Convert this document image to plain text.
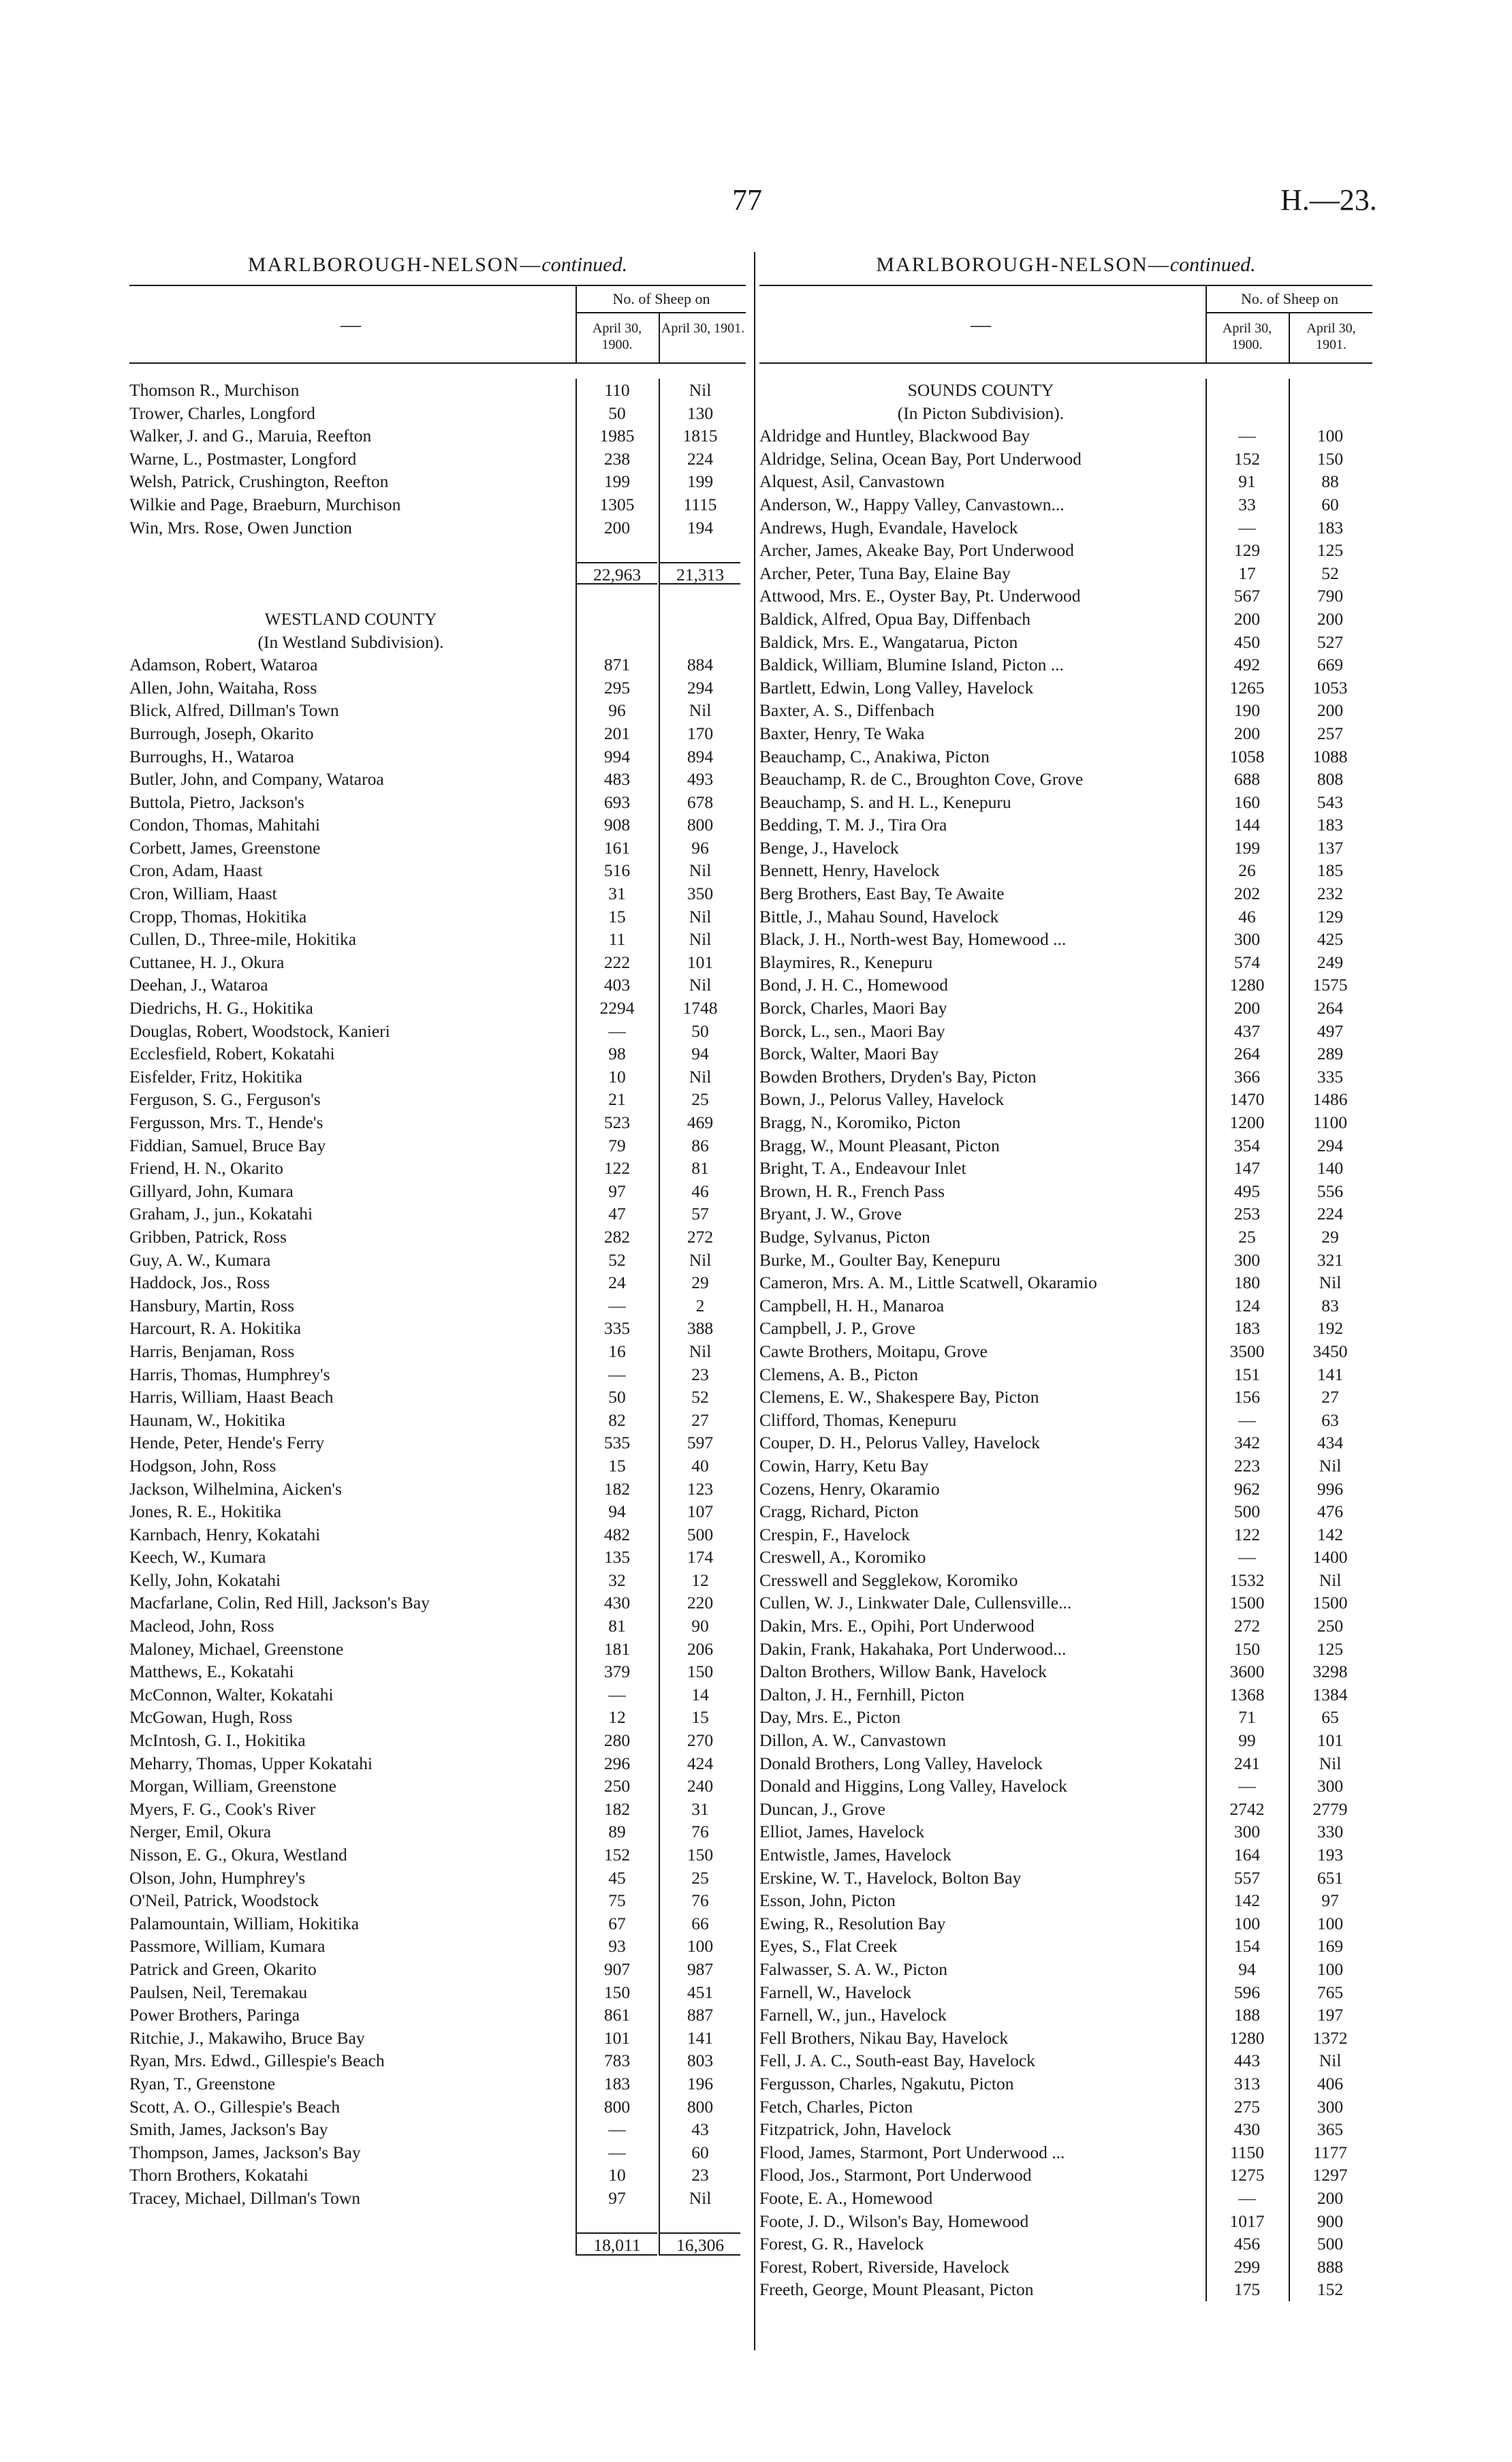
77	H.—23.
MARLBOROUGH-NELSON—continued.
—
No. of Sheep on
April 30, 1900.
April 30, 1901.
Thomson R., Murchison	110	Nil
Trower, Charles, Longford	50	130
Walker, J. and G., Maruia, Reefton	1985	1815
Warne, L., Postmaster, Longford	238	224
Welsh, Patrick, Crushington, Reefton	199	199
Wilkie and Page, Braeburn, Murchison	1305	1115
Win, Mrs. Rose, Owen Junction	200	194
22,963	21,313
WESTLAND COUNTY
(In Westland Subdivision).
Adamson, Robert, Wataroa	871	884
Allen, John, Waitaha, Ross	295	294
Blick, Alfred, Dillman's Town	96	Nil
Burrough, Joseph, Okarito	201	170
Burroughs, H., Wataroa	994	894
Butler, John, and Company, Wataroa	483	493
Buttola, Pietro, Jackson's	693	678
Condon, Thomas, Mahitahi	908	800
Corbett, James, Greenstone	161	96
Cron, Adam, Haast	516	Nil
Cron, William, Haast	31	350
Cropp, Thomas, Hokitika	15	Nil
Cullen, D., Three-mile, Hokitika	11	Nil
Cuttanee, H. J., Okura	222	101
Deehan, J., Wataroa	403	Nil
Diedrichs, H. G., Hokitika	2294	1748
Douglas, Robert, Woodstock, Kanieri	—	50
Ecclesfield, Robert, Kokatahi	98	94
Eisfelder, Fritz, Hokitika	10	Nil
Ferguson, S. G., Ferguson's	21	25
Fergusson, Mrs. T., Hende's	523	469
Fiddian, Samuel, Bruce Bay	79	86
Friend, H. N., Okarito	122	81
Gillyard, John, Kumara	97	46
Graham, J., jun., Kokatahi	47	57
Gribben, Patrick, Ross	282	272
Guy, A. W., Kumara	52	Nil
Haddock, Jos., Ross	24	29
Hansbury, Martin, Ross	—	2
Harcourt, R. A. Hokitika	335	388
Harris, Benjaman, Ross	16	Nil
Harris, Thomas, Humphrey's	—	23
Harris, William, Haast Beach	50	52
Haunam, W., Hokitika	82	27
Hende, Peter, Hende's Ferry	535	597
Hodgson, John, Ross	15	40
Jackson, Wilhelmina, Aicken's	182	123
Jones, R. E., Hokitika	94	107
Karnbach, Henry, Kokatahi	482	500
Keech, W., Kumara	135	174
Kelly, John, Kokatahi	32	12
Macfarlane, Colin, Red Hill, Jackson's Bay	430	220
Macleod, John, Ross	81	90
Maloney, Michael, Greenstone	181	206
Matthews, E., Kokatahi	379	150
McConnon, Walter, Kokatahi	—	14
McGowan, Hugh, Ross	12	15
McIntosh, G. I., Hokitika	280	270
Meharry, Thomas, Upper Kokatahi	296	424
Morgan, William, Greenstone	250	240
Myers, F. G., Cook's River	182	31
Nerger, Emil, Okura	89	76
Nisson, E. G., Okura, Westland	152	150
Olson, John, Humphrey's	45	25
O'Neil, Patrick, Woodstock	75	76
Palamountain, William, Hokitika	67	66
Passmore, William, Kumara	93	100
Patrick and Green, Okarito	907	987
Paulsen, Neil, Teremakau	150	451
Power Brothers, Paringa	861	887
Ritchie, J., Makawiho, Bruce Bay	101	141
Ryan, Mrs. Edwd., Gillespie's Beach	783	803
Ryan, T., Greenstone	183	196
Scott, A. O., Gillespie's Beach	800	800
Smith, James, Jackson's Bay	—	43
Thompson, James, Jackson's Bay	—	60
Thorn Brothers, Kokatahi	10	23
Tracey, Michael, Dillman's Town	97	Nil
18,011	16,306
MARLBOROUGH-NELSON—continued.
—
No. of Sheep on
April 30, 1900.
April 30, 1901.
SOUNDS COUNTY
(In Picton Subdivision).
Aldridge and Huntley, Blackwood Bay	—	100
Aldridge, Selina, Ocean Bay, Port Underwood	152	150
Alquest, Asil, Canvastown	91	88
Anderson, W., Happy Valley, Canvastown...	33	60
Andrews, Hugh, Evandale, Havelock	—	183
Archer, James, Akeake Bay, Port Underwood	129	125
Archer, Peter, Tuna Bay, Elaine Bay	17	52
Attwood, Mrs. E., Oyster Bay, Pt. Underwood	567	790
Baldick, Alfred, Opua Bay, Diffenbach	200	200
Baldick, Mrs. E., Wangatarua, Picton	450	527
Baldick, William, Blumine Island, Picton ...	492	669
Bartlett, Edwin, Long Valley, Havelock	1265	1053
Baxter, A. S., Diffenbach	190	200
Baxter, Henry, Te Waka	200	257
Beauchamp, C., Anakiwa, Picton	1058	1088
Beauchamp, R. de C., Broughton Cove, Grove	688	808
Beauchamp, S. and H. L., Kenepuru	160	543
Bedding, T. M. J., Tira Ora	144	183
Benge, J., Havelock	199	137
Bennett, Henry, Havelock	26	185
Berg Brothers, East Bay, Te Awaite	202	232
Bittle, J., Mahau Sound, Havelock	46	129
Black, J. H., North-west Bay, Homewood ...	300	425
Blaymires, R., Kenepuru	574	249
Bond, J. H. C., Homewood	1280	1575
Borck, Charles, Maori Bay	200	264
Borck, L., sen., Maori Bay	437	497
Borck, Walter, Maori Bay	264	289
Bowden Brothers, Dryden's Bay, Picton	366	335
Bown, J., Pelorus Valley, Havelock	1470	1486
Bragg, N., Koromiko, Picton	1200	1100
Bragg, W., Mount Pleasant, Picton	354	294
Bright, T. A., Endeavour Inlet	147	140
Brown, H. R., French Pass	495	556
Bryant, J. W., Grove	253	224
Budge, Sylvanus, Picton	25	29
Burke, M., Goulter Bay, Kenepuru	300	321
Cameron, Mrs. A. M., Little Scatwell, Okaramio	180	Nil
Campbell, H. H., Manaroa	124	83
Campbell, J. P., Grove	183	192
Cawte Brothers, Moitapu, Grove	3500	3450
Clemens, A. B., Picton	151	141
Clemens, E. W., Shakespere Bay, Picton	156	27
Clifford, Thomas, Kenepuru	—	63
Couper, D. H., Pelorus Valley, Havelock	342	434
Cowin, Harry, Ketu Bay	223	Nil
Cozens, Henry, Okaramio	962	996
Cragg, Richard, Picton	500	476
Crespin, F., Havelock	122	142
Creswell, A., Koromiko	—	1400
Cresswell and Segglekow, Koromiko	1532	Nil
Cullen, W. J., Linkwater Dale, Cullensville...	1500	1500
Dakin, Mrs. E., Opihi, Port Underwood	272	250
Dakin, Frank, Hakahaka, Port Underwood...	150	125
Dalton Brothers, Willow Bank, Havelock	3600	3298
Dalton, J. H., Fernhill, Picton	1368	1384
Day, Mrs. E., Picton	71	65
Dillon, A. W., Canvastown	99	101
Donald Brothers, Long Valley, Havelock	241	Nil
Donald and Higgins, Long Valley, Havelock	—	300
Duncan, J., Grove	2742	2779
Elliot, James, Havelock	300	330
Entwistle, James, Havelock	164	193
Erskine, W. T., Havelock, Bolton Bay	557	651
Esson, John, Picton	142	97
Ewing, R., Resolution Bay	100	100
Eyes, S., Flat Creek	154	169
Falwasser, S. A. W., Picton	94	100
Farnell, W., Havelock	596	765
Farnell, W., jun., Havelock	188	197
Fell Brothers, Nikau Bay, Havelock	1280	1372
Fell, J. A. C., South-east Bay, Havelock	443	Nil
Fergusson, Charles, Ngakutu, Picton	313	406
Fetch, Charles, Picton	275	300
Fitzpatrick, John, Havelock	430	365
Flood, James, Starmont, Port Underwood ...	1150	1177
Flood, Jos., Starmont, Port Underwood	1275	1297
Foote, E. A., Homewood	—	200
Foote, J. D., Wilson's Bay, Homewood	1017	900
Forest, G. R., Havelock	456	500
Forest, Robert, Riverside, Havelock	299	888
Freeth, George, Mount Pleasant, Picton	175	152
